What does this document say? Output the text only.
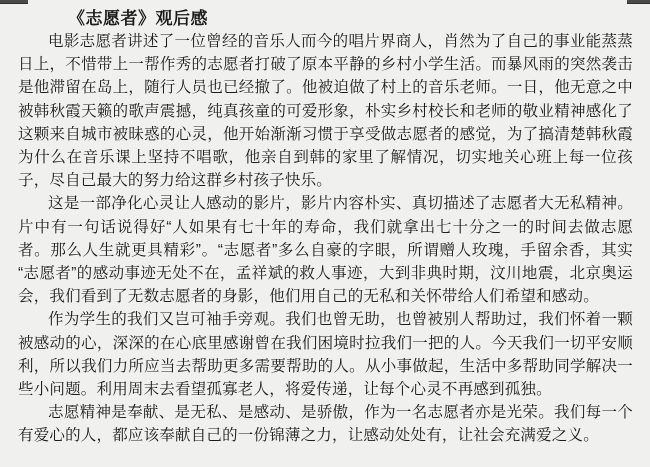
《志愿者》观后感

电影志愿者讲述了一位曾经的音乐人而今的唱片界商人，肖然为了自己的事业能蒸蒸日上，不惜带上一帮作秀的志愿者打破了原本平静的乡村小学生活。而暴风雨的突然袭击是他滞留在岛上，随行人员也已经撤了。他被迫做了村上的音乐老师。一日，他无意之中被韩秋霞天籁的歌声震撼，纯真孩童的可爱形象，朴实乡村校长和老师的敬业精神感化了这颗来自城市被昧惑的心灵，他开始渐渐习惯于享受做志愿者的感觉，为了搞清楚韩秋霞为什么在音乐课上坚持不唱歌，他亲自到韩的家里了解情况，切实地关心班上每一位孩子，尽自己最大的努力给这群乡村孩子快乐。

这是一部净化心灵让人感动的影片，影片内容朴实、真切描述了志愿者大无私精神。片中有一句话说得好“人如果有七十年的寿命，我们就拿出七十分之一的时间去做志愿者。那么人生就更具精彩”。“志愿者”多么自豪的字眼，所谓赠人玫瑰，手留余香，其实 “志愿者”的感动事迹无处不在，孟祥斌的救人事迹，大到非典时期，汶川地震，北京奥运会，我们看到了无数志愿者的身影，他们用自己的无私和关怀带给人们希望和感动。

作为学生的我们又岂可袖手旁观。我们也曾无助，也曾被别人帮助过，我们怀着一颗被感动的心，深深的在心底里感谢曾在我们困境时拉我们一把的人。今天我们一切平安顺利，所以我们力所应当去帮助更多需要帮助的人。从小事做起，生活中多帮助同学解决一些小问题。利用周末去看望孤寡老人，将爱传递，让每个心灵不再感到孤独。

志愿精神是奉献、是无私、是感动、是骄傲，作为一名志愿者亦是光荣。我们每一个有爱心的人，都应该奉献自己的一份锦薄之力，让感动处处有，让社会充满爱之义。
